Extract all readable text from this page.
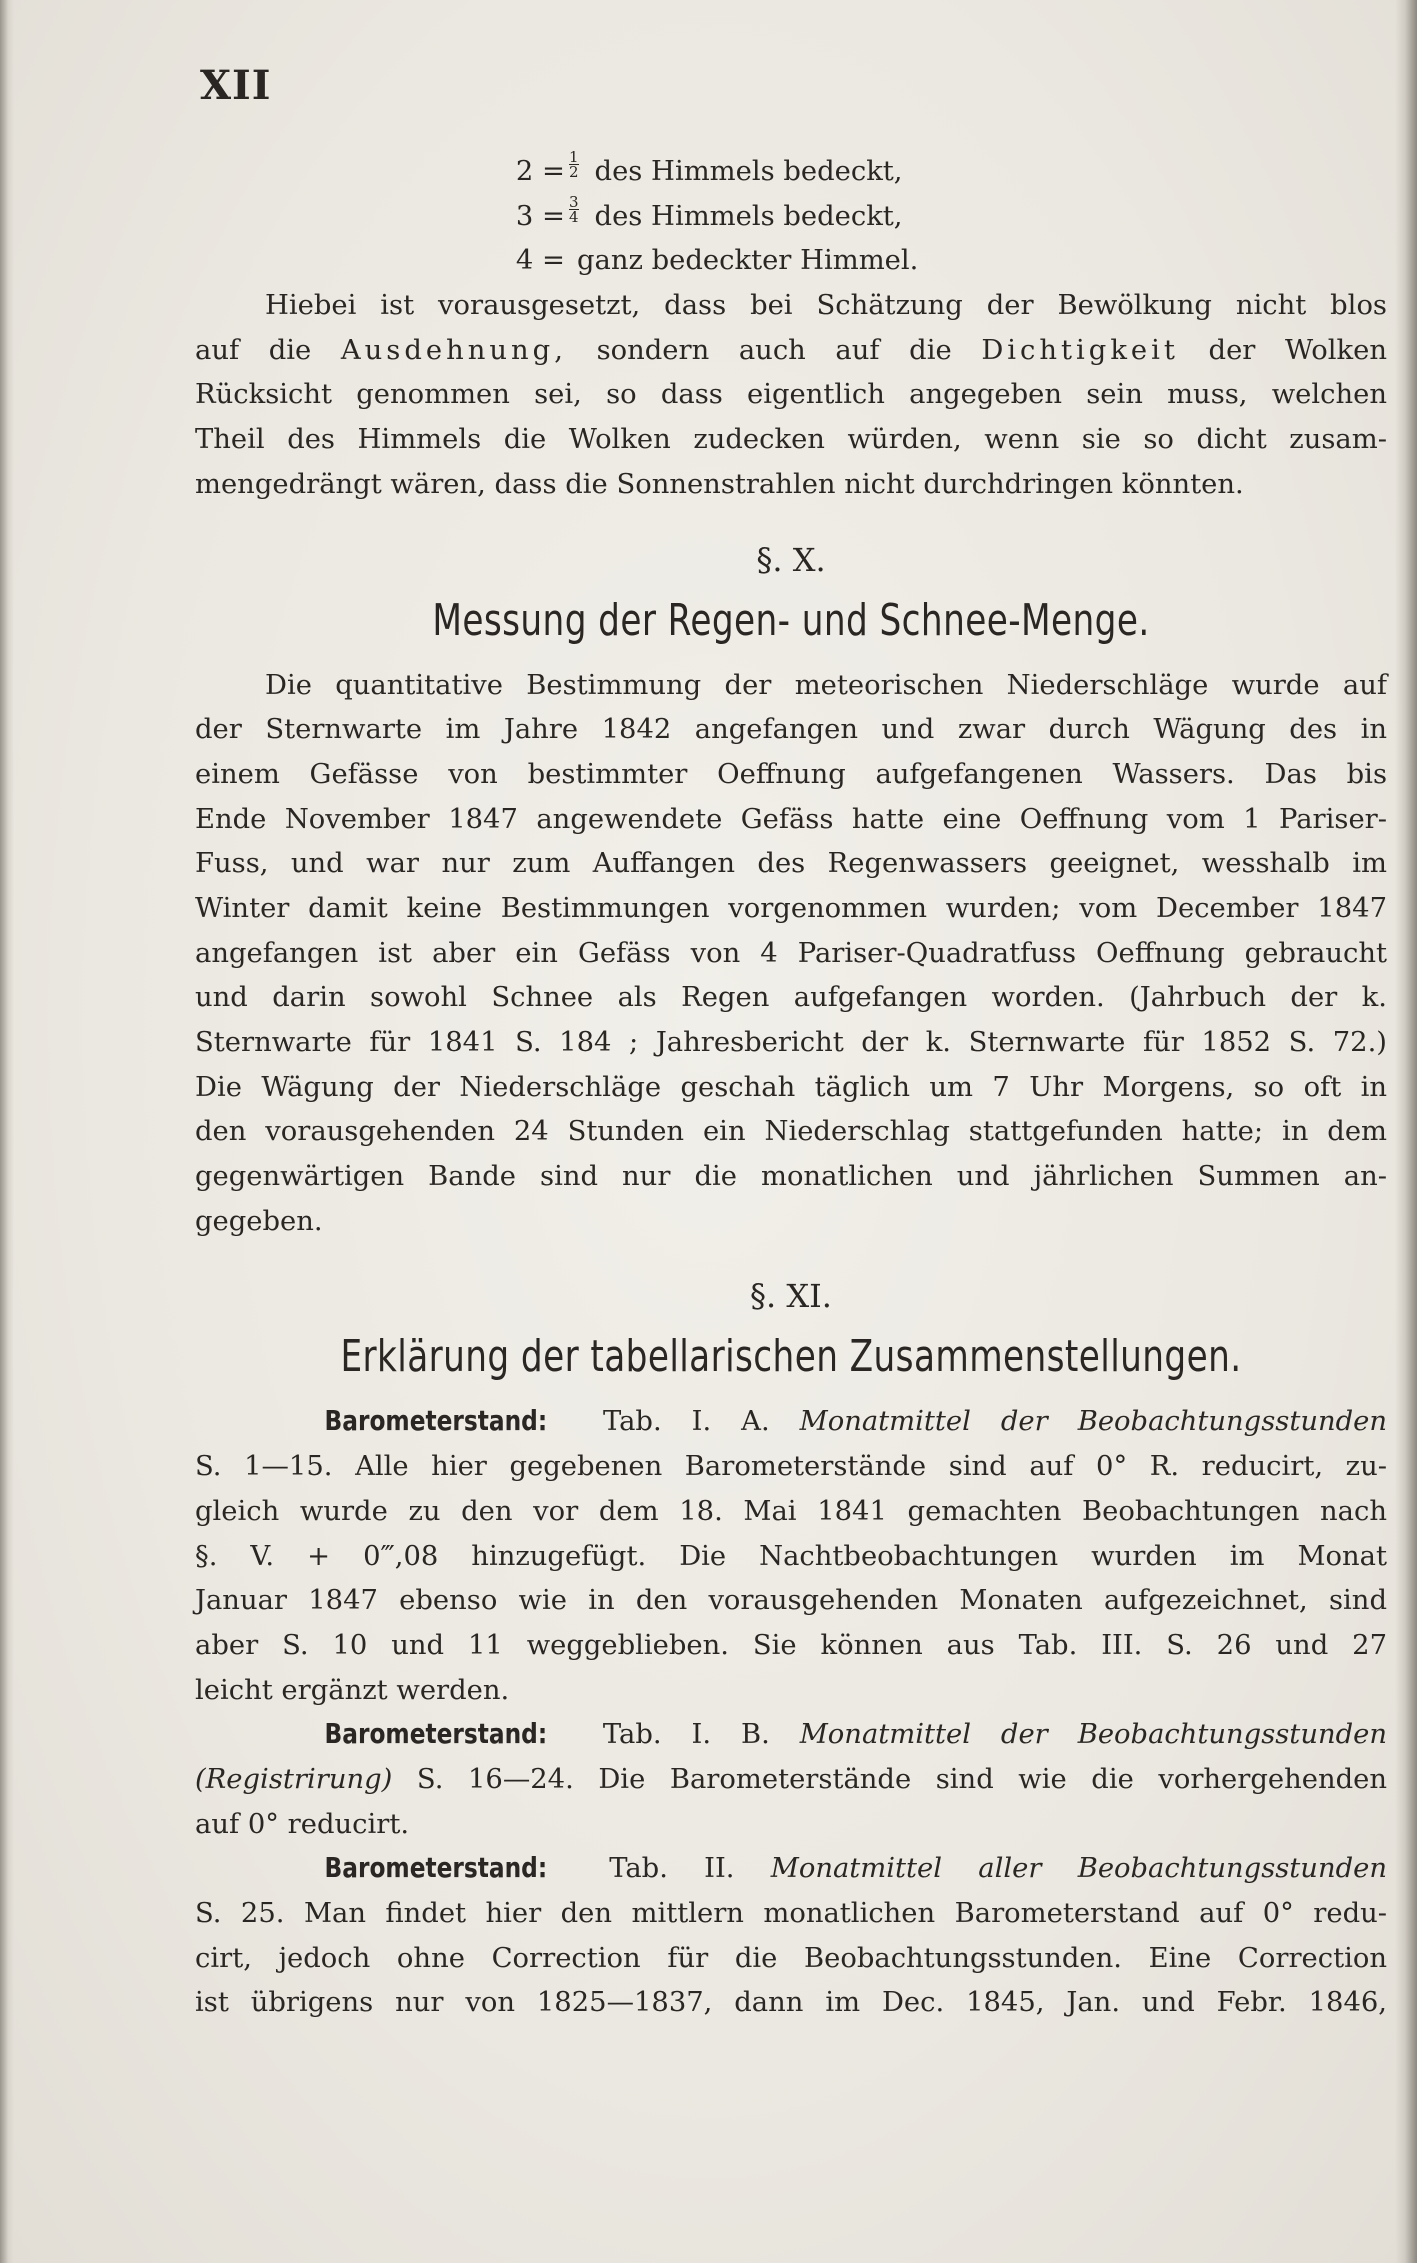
XII
$2 = \frac{1}{2}$ des Himmels bedeckt,
$3 = \frac{3}{4}$ des Himmels bedeckt,
4 = ganz bedeckter Himmel.
Hiebei ist vorausgesetzt, dass bei Schätzung der Bewölkung nicht blos
auf die Ausdehnung, sondern auch auf die Dichtigkeit der Wolken
Rücksicht genommen sei, so dass eigentlich angegeben sein muss, welchen
Theil des Himmels die Wolken zudecken würden, wenn sie so dicht zusam-
mengedrängt wären, dass die Sonnenstrahlen nicht durchdringen könnten.
§. X.
Messung der Regen- und Schnee-Menge.
Die quantitative Bestimmung der meteorischen Niederschläge wurde auf
der Sternwarte im Jahre 1842 angefangen und zwar durch Wägung des in
einem Gefässe von bestimmter Oeffnung aufgefangenen Wassers. Das bis
Ende November 1847 angewendete Gefäss hatte eine Oeffnung vom 1 Pariser-
Fuss, und war nur zum Auffangen des Regenwassers geeignet, wesshalb im
Winter damit keine Bestimmungen vorgenommen wurden; vom December 1847
angefangen ist aber ein Gefäss von 4 Pariser-Quadratfuss Oeffnung gebraucht
und darin sowohl Schnee als Regen aufgefangen worden. (Jahrbuch der k.
Sternwarte für 1841 S. 184 ; Jahresbericht der k. Sternwarte für 1852 S. 72.)
Die Wägung der Niederschläge geschah täglich um 7 Uhr Morgens, so oft in
den vorausgehenden 24 Stunden ein Niederschlag stattgefunden hatte; in dem
gegenwärtigen Bande sind nur die monatlichen und jährlichen Summen an-
gegeben.
§. XI.
Erklärung der tabellarischen Zusammenstellungen.
Barometerstand: Tab. I. A. Monatmittel der Beobachtungsstunden
S. 1—15. Alle hier gegebenen Barometerstände sind auf 0° R. reducirt, zu-
gleich wurde zu den vor dem 18. Mai 1841 gemachten Beobachtungen nach
§. V. + 0‴,08 hinzugefügt. Die Nachtbeobachtungen wurden im Monat
Januar 1847 ebenso wie in den vorausgehenden Monaten aufgezeichnet, sind
aber S. 10 und 11 weggeblieben. Sie können aus Tab. III. S. 26 und 27
leicht ergänzt werden.
Barometerstand: Tab. I. B. Monatmittel der Beobachtungsstunden
(Registrirung) S. 16—24. Die Barometerstände sind wie die vorhergehenden
auf 0° reducirt.
Barometerstand: Tab. II. Monatmittel aller Beobachtungsstunden
S. 25. Man findet hier den mittlern monatlichen Barometerstand auf 0° redu-
cirt, jedoch ohne Correction für die Beobachtungsstunden. Eine Correction
ist übrigens nur von 1825—1837, dann im Dec. 1845, Jan. und Febr. 1846,
